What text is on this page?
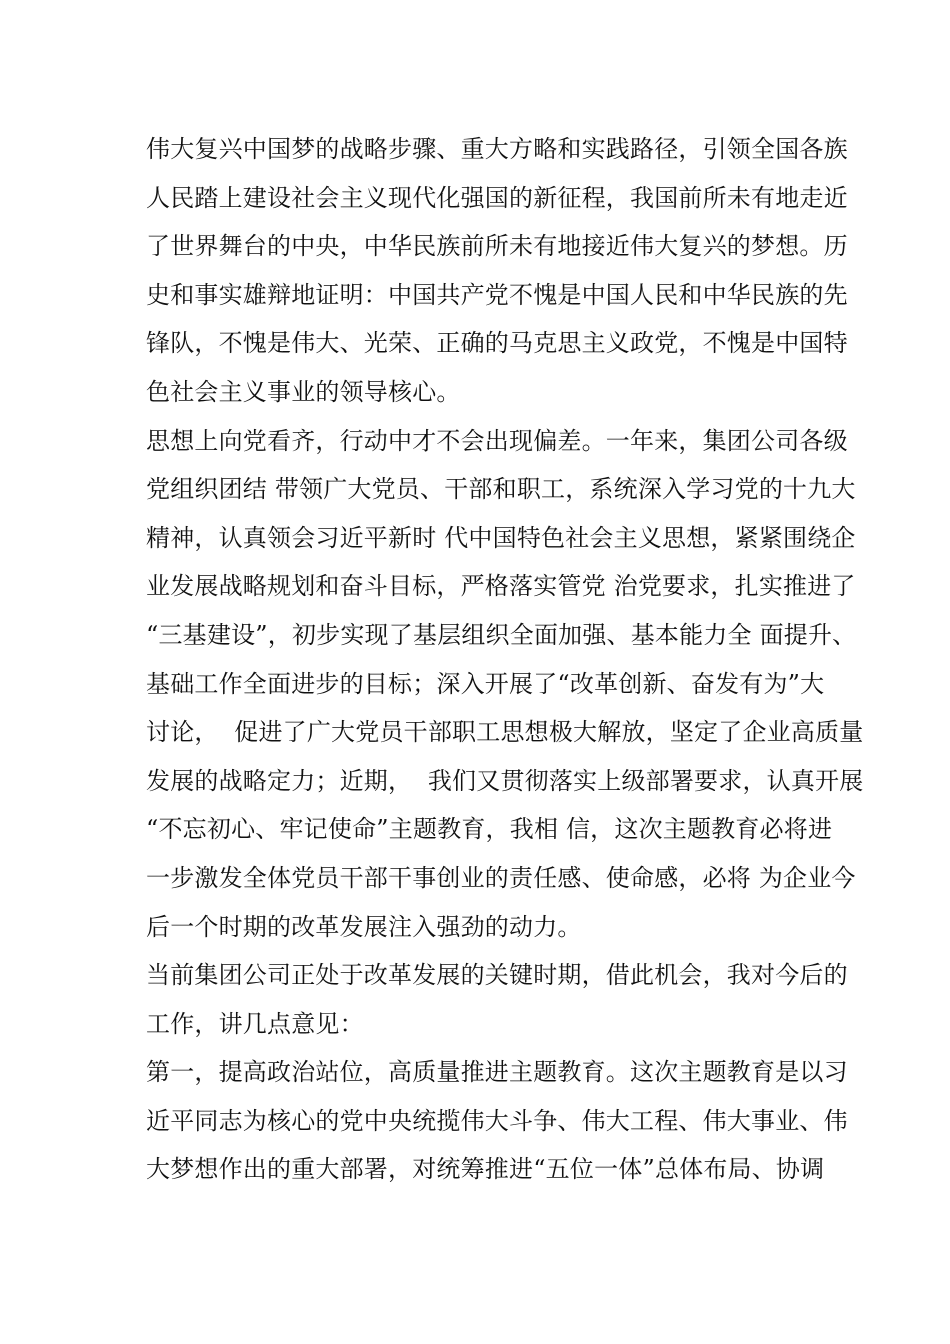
伟大复兴中国梦的战略步骤、重大方略和实践路径，引领全国各族
人民踏上建设社会主义现代化强国的新征程，我国前所未有地走近
了世界舞台的中央，中华民族前所未有地接近伟大复兴的梦想。历
史和事实雄辩地证明：中国共产党不愧是中国人民和中华民族的先
锋队，不愧是伟大、光荣、正确的马克思主义政党，不愧是中国特
色社会主义事业的领导核心。
思想上向党看齐，行动中才不会出现偏差。一年来，集团公司各级
党组织团结 带领广大党员、干部和职工，系统深入学习党的十九大
精神，认真领会习近平新时 代中国特色社会主义思想，紧紧围绕企
业发展战略规划和奋斗目标，严格落实管党 治党要求，扎实推进了
“三基建设”，初步实现了基层组织全面加强、基本能力全 面提升、
基础工作全面进步的目标；深入开展了“改革创新、奋发有为”大
讨论，  促进了广大党员干部职工思想极大解放，坚定了企业高质量
发展的战略定力；近期，  我们又贯彻落实上级部署要求，认真开展
“不忘初心、牢记使命”主题教育，我相 信，这次主题教育必将进
一步激发全体党员干部干事创业的责任感、使命感，必将 为企业今
后一个时期的改革发展注入强劲的动力。
当前集团公司正处于改革发展的关键时期，借此机会，我对今后的
工作，讲几点意见：
第一，提高政治站位，高质量推进主题教育。这次主题教育是以习
近平同志为核心的党中央统揽伟大斗争、伟大工程、伟大事业、伟
大梦想作出的重大部署，对统筹推进“五位一体”总体布局、协调
